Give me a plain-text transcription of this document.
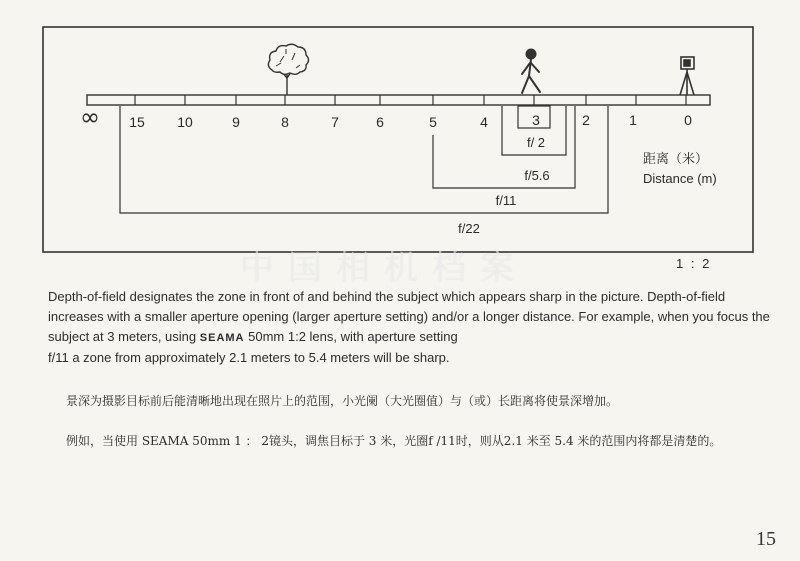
15 10	9	8	7	6	5	4	3	2	1	0
∞
f/ 2
f/5.6
f/11
f/22
距离（米）
Distance (m)
1 : 2
中国相机档案

Depth-of-field designates the zone in front of and behind the subject which appears sharp in the picture. Depth-of-field increases with a smaller aperture opening (larger aperture setting) and/or a longer distance. For example, when you focus the subject at 3 meters, using SEAMA 50mm 1:2 lens, with aperture setting

f/11 a zone from approximately 2.1 meters to 5.4 meters will be sharp.

景深为摄影目标前后能清晰地出现在照片上的范围，小光阑（大光圈值）与（或）长距离将使景深增加。
例如，当使用 SEAMA 50mm 1 ： 2镜头，调焦目标于 3 米，光圈f /11时，则从2.1 米至 5.4 米的范围内将都是清楚的。
15
